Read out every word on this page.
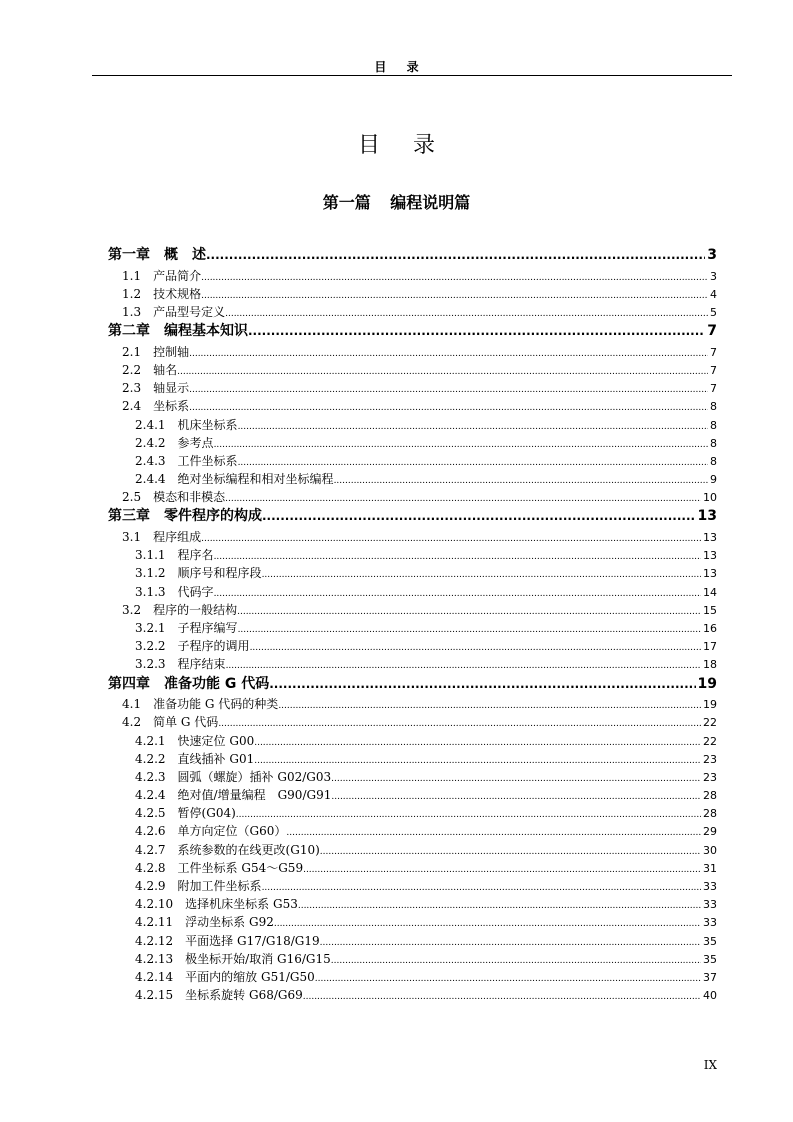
目 录
目 录
第一篇 编程说明篇
第一章	概　述 .....	3
1.1	产品简介 .....	3
1.2	技术规格 .....	4
1.3	产品型号定义 .....	5
第二章	编程基本知识 .....	7
2.1	控制轴 .....	7
2.2	轴名 .....	7
2.3	轴显示 .....	7
2.4	坐标系 .....	8
2.4.1	机床坐标系 .....	8
2.4.2	参考点 .....	8
2.4.3	工件坐标系 .....	8
2.4.4	绝对坐标编程和相对坐标编程 .....	9
2.5	模态和非模态 .....	10
第三章	零件程序的构成 .....	13
3.1	程序组成 .....	13
3.1.1	程序名 .....	13
3.1.2	顺序号和程序段 .....	13
3.1.3	代码字 .....	14
3.2	程序的一般结构 .....	15
3.2.1	子程序编写 .....	16
3.2.2	子程序的调用 .....	17
3.2.3	程序结束 .....	18
第四章	准备功能 G 代码 .....	19
4.1	准备功能 G 代码的种类 .....	19
4.2	简单 G 代码 .....	22
4.2.1	快速定位 G00 .....	22
4.2.2	直线插补 G01 .....	23
4.2.3	圆弧（螺旋）插补 G02/G03 .....	23
4.2.4	绝对值/增量编程　G90/G91 .....	28
4.2.5	暂停(G04) .....	28
4.2.6	单方向定位（G60） .....	29
4.2.7	系统参数的在线更改(G10) .....	30
4.2.8	工件坐标系 G54～G59 .....	31
4.2.9	附加工件坐标系 .....	33
4.2.10	选择机床坐标系 G53 .....	33
4.2.11	浮动坐标系 G92 .....	33
4.2.12	平面选择 G17/G18/G19 .....	35
4.2.13	极坐标开始/取消 G16/G15 .....	35
4.2.14	平面内的缩放 G51/G50 .....	37
4.2.15	坐标系旋转 G68/G69 .....	40
IX
